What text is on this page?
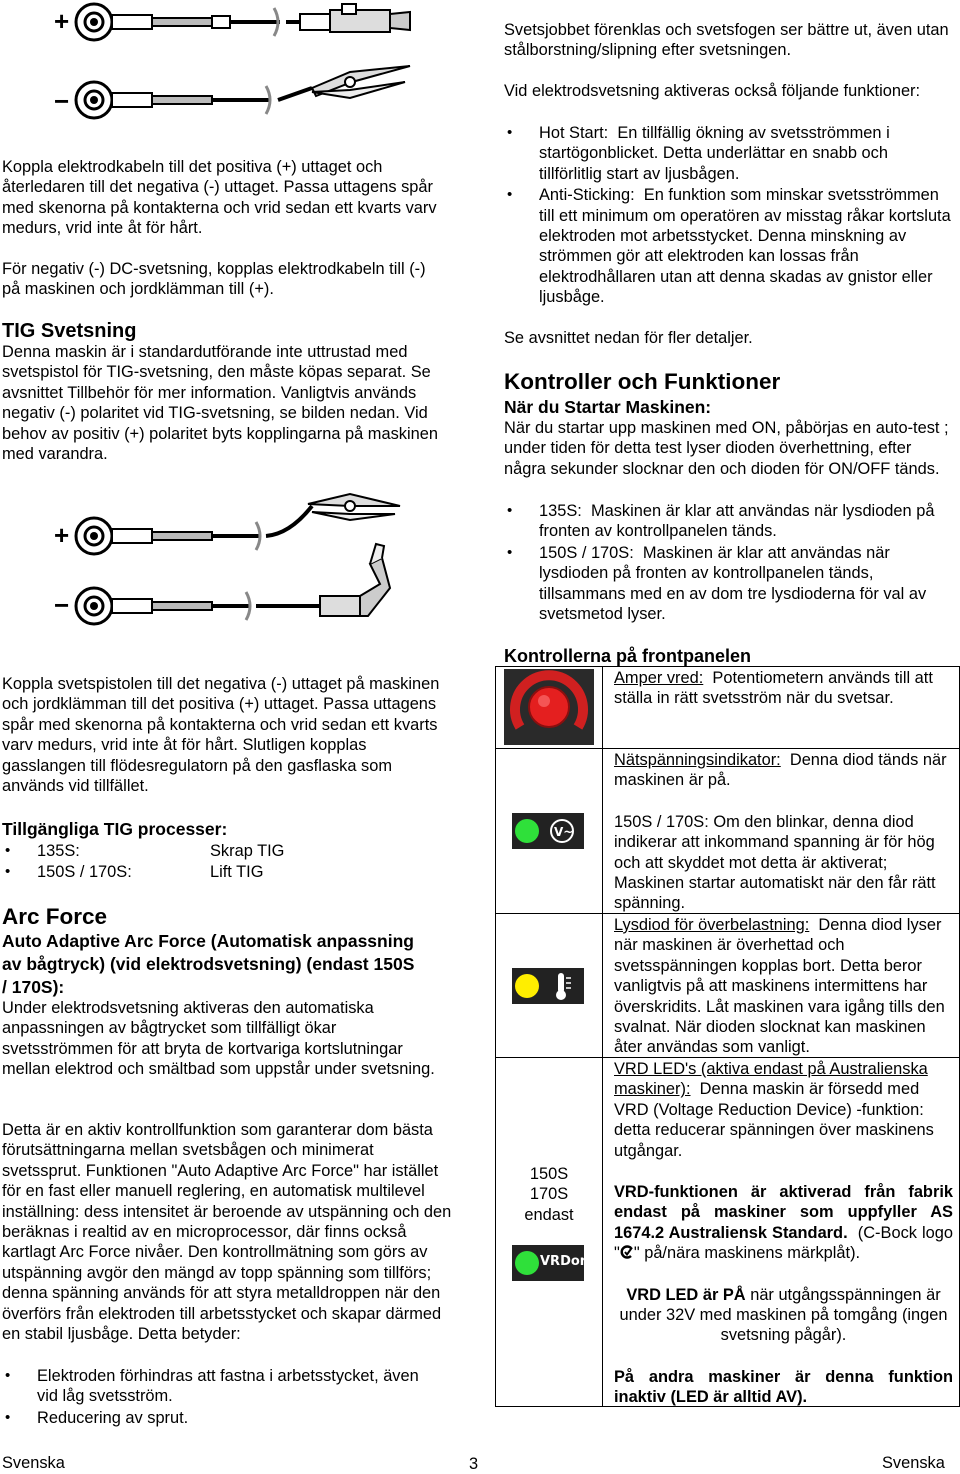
+
−

Koppla elektrodkabeln till det positiva (+) uttaget och återledaren till det negativa (-) uttaget. Passa uttagens spår med skenorna på kontakterna och vrid sedan ett kvarts varv medurs, vrid inte åt för hårt.

För negativ (-) DC-svetsning, kopplas elektrodkabeln till (-) på maskinen och jordklämman till (+).

TIG Svetsning

Denna maskin är i standardutförande inte uttrustad med svetspistol för TIG-svetsning, den måste köpas separat. Se avsnittet Tillbehör för mer information. Vanligtvis används negativ (-) polaritet vid TIG-svetsning, se bilden nedan. Vid behov av positiv (+) polaritet byts kopplingarna på maskinen med varandra.

+
−

Koppla svetspistolen till det negativa (-) uttaget på maskinen och jordklämman till det positiva (+) uttaget. Passa uttagens spår med skenorna på kontakterna och vrid sedan ett kvarts varv medurs, vrid inte åt för hårt. Slutligen kopplas gasslangen till flödesregulatorn på den gasflaska som används vid tillfället.

Tillgängliga TIG processer:
• 135S:	Skrap TIG
• 150S / 170S:	Lift TIG
Arc Force
Auto Adaptive Arc Force (Automatisk anpassning av bågtryck) (vid elektrodsvetsning) (endast 150S / 170S):

Under elektrodsvetsning aktiveras den automatiska anpassningen av bågtrycket som tillfälligt ökar svetsströmmen för att bryta de kortvariga kortslutningar mellan elektrod och smältbad som uppstår under svetsning.

Detta är en aktiv kontrollfunktion som garanterar dom bästa förutsättningarna mellan svetsbågen och minimerat svetssprut. Funktionen "Auto Adaptive Arc Force" har istället för en fast eller manuell reglering, en automatisk multilevel inställning: dess intensitet är beroende av utspänning och den beräknas i realtid av en microprocessor, där finns också kartlagt Arc Force nivåer. Den kontrollmätning som görs av utspänning avgör den mängd av topp spänning som tillförs; denna spänning används för att styra metalldroppen när den överförs från elektroden till arbetsstycket och skapar därmed en stabil ljusbåge. Detta betyder:

• Elektroden förhindras att fastna i arbetsstycket, även vid låg svetsström.
• Reducering av sprut.

Svetsjobbet förenklas och svetsfogen ser bättre ut, även utan stålborstning/slipning efter svetsningen.

Vid elektrodsvetsning aktiveras också följande funktioner:

• Hot Start: En tillfällig ökning av svetsströmmen i startögonblicket. Detta underlättar en snabb och tillförlitlig start av ljusbågen.
• Anti-Sticking: En funktion som minskar svetsströmmen till ett minimum om operatören av misstag råkar kortsluta elektroden mot arbetsstycket. Denna minskning av strömmen gör att elektroden kan lossas från elektrodhållaren utan att denna skadas av gnistor eller ljusbåge.

Se avsnittet nedan för fler detaljer.

Kontroller och Funktioner
När du Startar Maskinen:

När du startar upp maskinen med ON, påbörjas en auto-test ; under tiden för detta test lyser dioden överhettning, efter några sekunder slocknar den och dioden för ON/OFF tänds.

• 135S: Maskinen är klar att användas när lysdioden på fronten av kontrollpanelen tänds.
• 150S / 170S: Maskinen är klar att användas när lysdioden på fronten av kontrollpanelen tänds, tillsammans med en av dom tre lysdioderna för val av svetsmetod lyser.
Kontrollerna på frontpanelen
Amper vred: Potentiometern används till att ställa in rätt svetsström när du svetsar.
V~

Nätspänningsindikator: Denna diod tänds när maskinen är på.

150S / 170S: Om den blinkar, denna diod indikerar att inkommand spanning är för hög och att skyddet mot detta är aktiverat; Maskinen startar automatiskt när den får rätt spänning.

Lysdiod för överbelastning: Denna diod lyser när maskinen är överhettad och svetsspänningen kopplas bort. Detta beror vanligtvis på att maskinens intermittens har överskridits. Låt maskinen vara igång tills den svalnat. När dioden slocknat kan maskinen åter användas som vanligt.
150S
170S
endast
VRDon

VRD LED's (aktiva endast på Australienska maskiner): Denna maskin är försedd med VRD (Voltage Reduction Device) -funktion: detta reducerar spänningen över maskinens utgångar.

VRD-funktionen är aktiverad från fabrik endast på maskiner som uppfyller AS 1674.2 Australiensk Standard. (C-Bock logo " " på/nära maskinens märkplåt).

VRD LED är PÅ när utgångsspänningen är under 32V med maskinen på tomgång (ingen svetsning pågår).

På andra maskiner är denna funktion inaktiv (LED är alltid AV).

Svenska	3	Svenska
